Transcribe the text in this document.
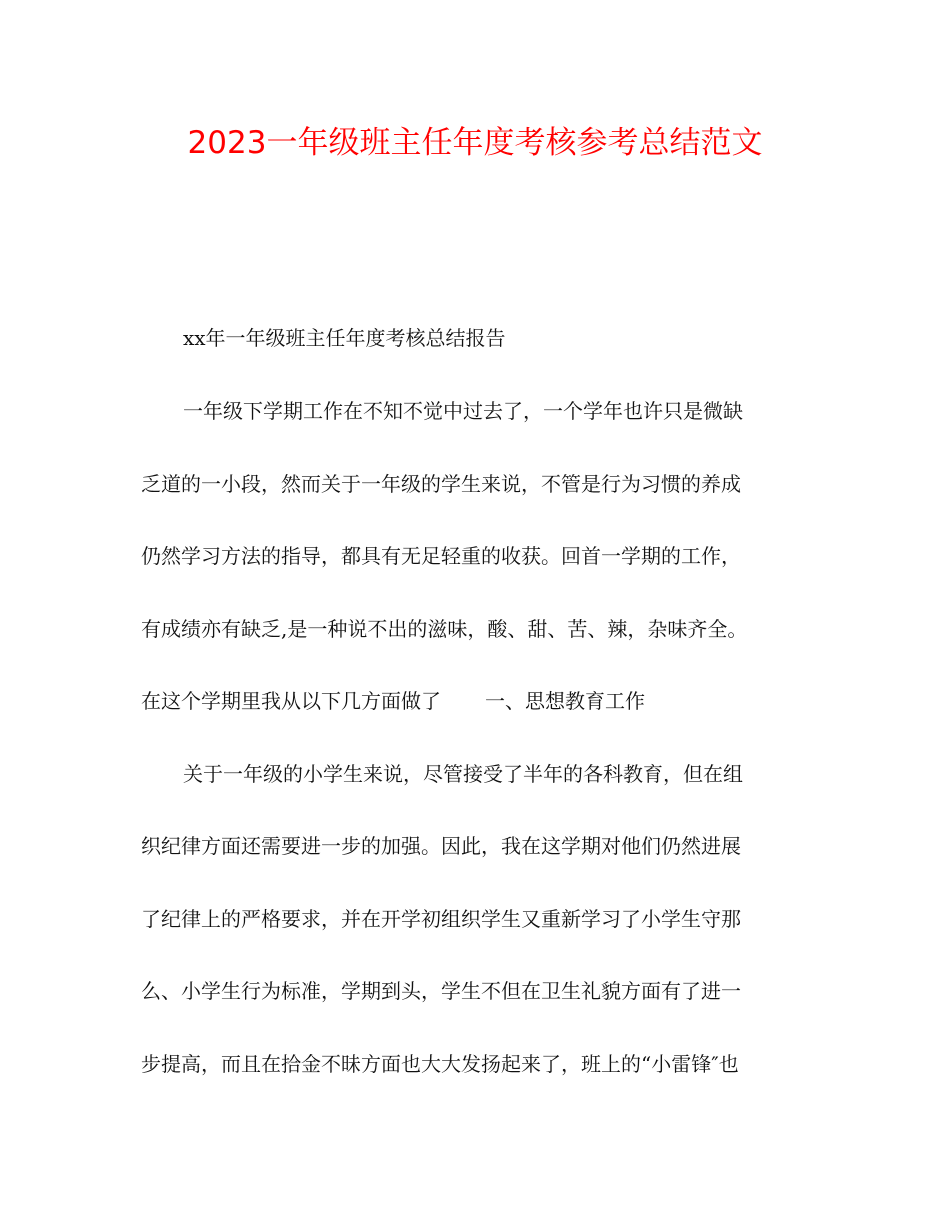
2023一年级班主任年度考核参考总结范文

xx年一年级班主任年度考核总结报告

一年级下学期工作在不知不觉中过去了，一个学年也许只是微缺

乏道的一小段，然而关于一年级的学生来说，不管是行为习惯的养成

仍然学习方法的指导，都具有无足轻重的收获。回首一学期的工作，

有成绩亦有缺乏,是一种说不出的滋味，酸、甜、苦、辣，杂味齐全。

在这个学期里我从以下几方面做了 一、思想教育工作

关于一年级的小学生来说，尽管接受了半年的各科教育，但在组

织纪律方面还需要进一步的加强。因此，我在这学期对他们仍然进展

了纪律上的严格要求，并在开学初组织学生又重新学习了小学生守那

么、小学生行为标准，学期到头，学生不但在卫生礼貌方面有了进一

步提高，而且在拾金不昧方面也大大发扬起来了，班上的“小雷锋″也
